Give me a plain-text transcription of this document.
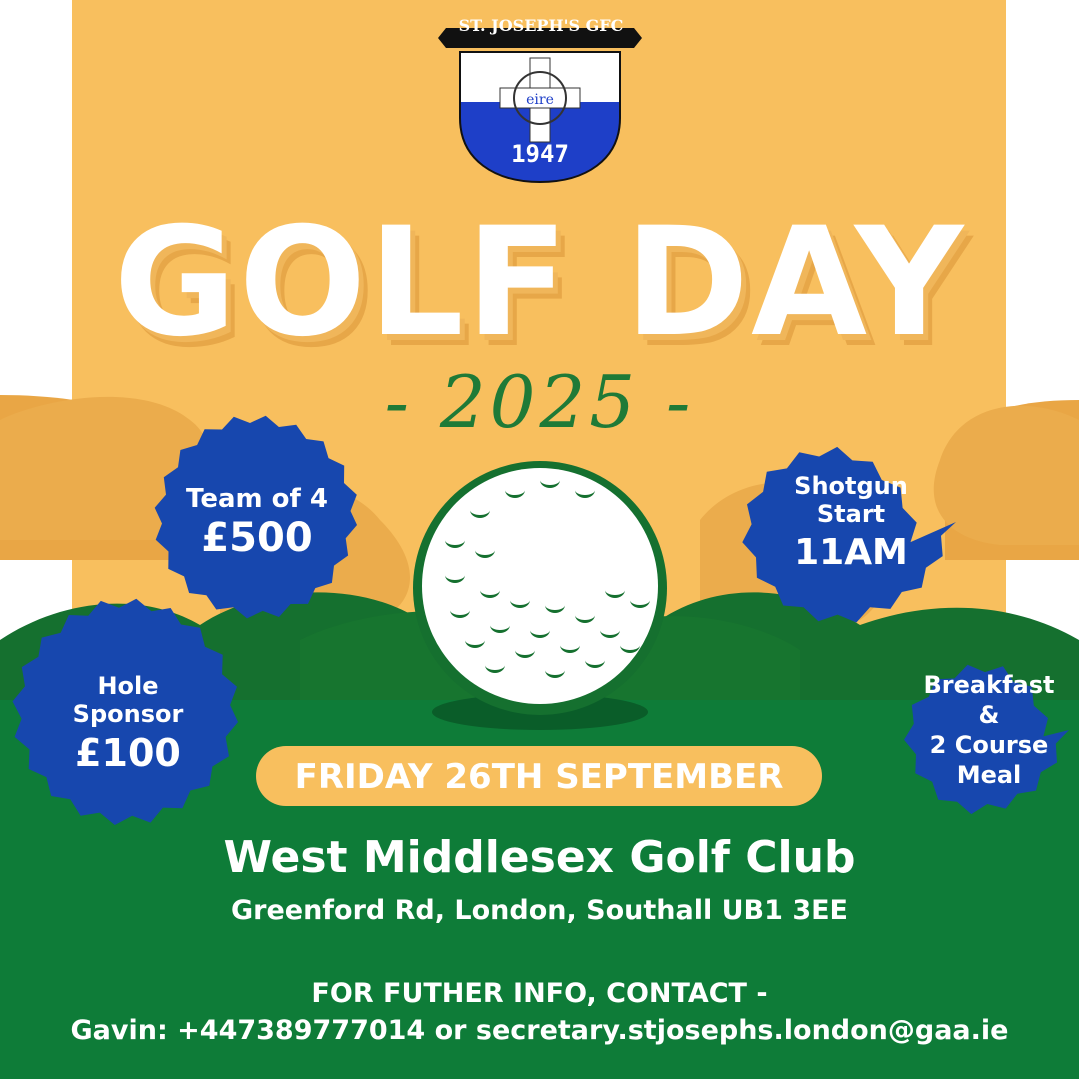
eire
ST. JOSEPH'S GFC
1947
GOLF DAY
- 2025 -
Team of 4
£500
Shotgun
Start
11AM
Hole
Sponsor
£100
Breakfast
&
2 Course
Meal
FRIDAY 26TH SEPTEMBER
West Middlesex Golf Club
Greenford Rd, London, Southall UB1 3EE
FOR FUTHER INFO, CONTACT -
Gavin: +447389777014 or secretary.stjosephs.london@gaa.ie
